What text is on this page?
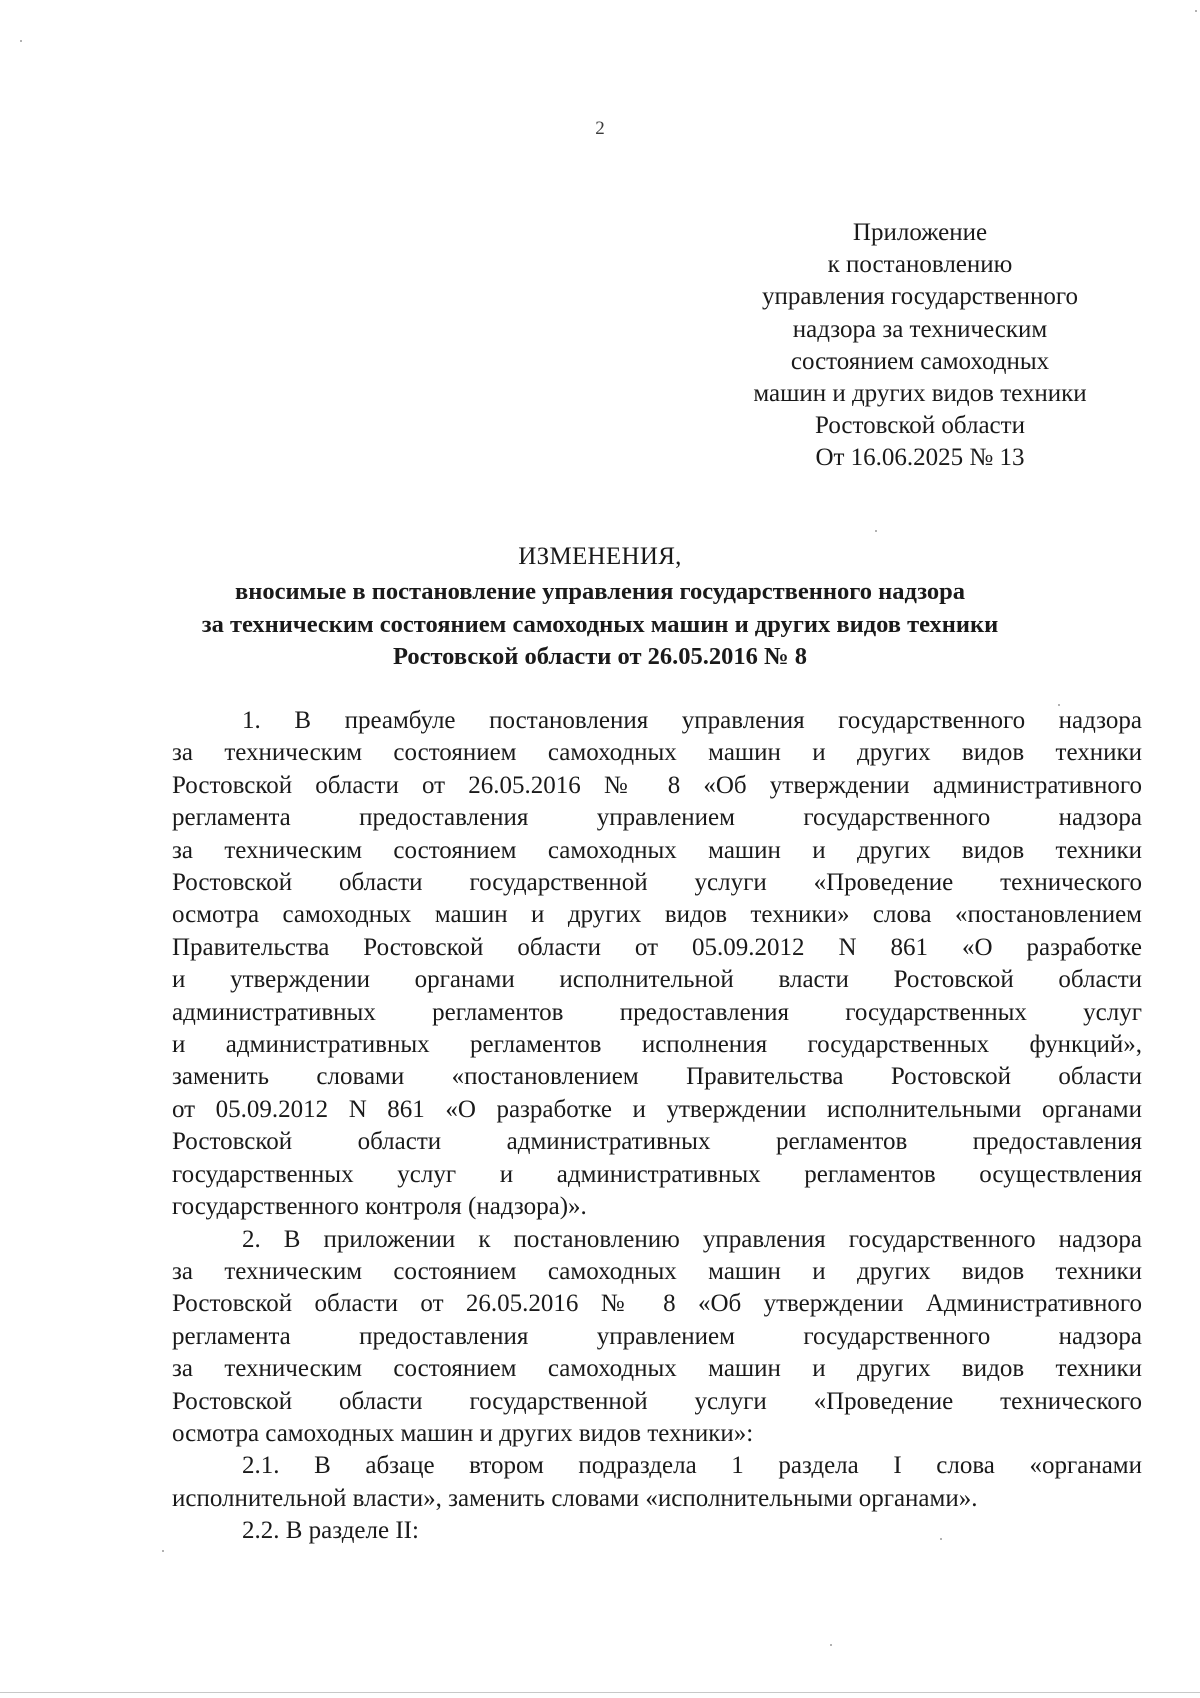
2
Приложение
к постановлению
управления государственного
надзора за техническим
состоянием самоходных
машин и других видов техники
Ростовской области
От 16.06.2025 № 13
ИЗМЕНЕНИЯ,
вносимые в постановление управления государственного надзора
за техническим состоянием самоходных машин и других видов техники
Ростовской области от 26.05.2016 № 8
1. В преамбуле постановления управления государственного надзора
за техническим состоянием самоходных машин и других видов техники
Ростовской области от 26.05.2016 № 8 «Об утверждении административного
регламента предоставления управлением государственного надзора
за техническим состоянием самоходных машин и других видов техники
Ростовской области государственной услуги «Проведение технического
осмотра самоходных машин и других видов техники» слова «постановлением
Правительства Ростовской области от 05.09.2012 N 861 «О разработке
и утверждении органами исполнительной власти Ростовской области
административных регламентов предоставления государственных услуг
и административных регламентов исполнения государственных функций»,
заменить словами «постановлением Правительства Ростовской области
от 05.09.2012 N 861 «О разработке и утверждении исполнительными органами
Ростовской области административных регламентов предоставления
государственных услуг и административных регламентов осуществления
государственного контроля (надзора)».
2. В приложении к постановлению управления государственного надзора
за техническим состоянием самоходных машин и других видов техники
Ростовской области от 26.05.2016 № 8 «Об утверждении Административного
регламента предоставления управлением государственного надзора
за техническим состоянием самоходных машин и других видов техники
Ростовской области государственной услуги «Проведение технического
осмотра самоходных машин и других видов техники»:
2.1. В абзаце втором подраздела 1 раздела I слова «органами
исполнительной власти», заменить словами «исполнительными органами».
2.2. В разделе II:
